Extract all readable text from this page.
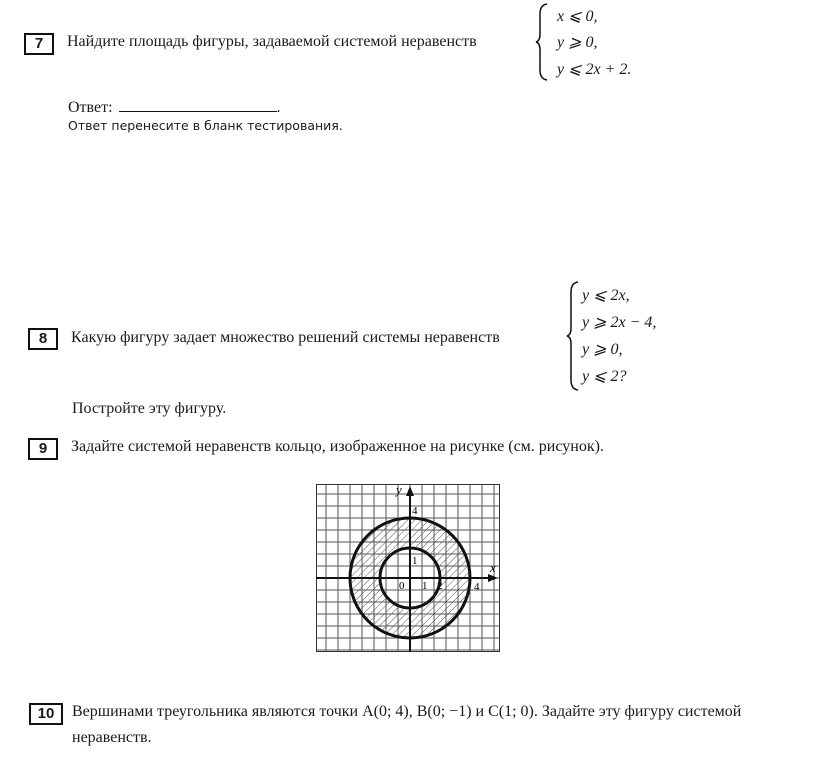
7	Найдите площадь фигуры, задаваемой системой неравенств
x ⩽ 0,
y ⩾ 0,
y ⩽ 2x + 2.
Ответ:	.
Ответ перенесите в бланк тестирования.
8	Какую фигуру задает множество решений системы неравенств
y ⩽ 2x,
y ⩾ 2x − 4,
y ⩾ 0,
y ⩽ 2?
Постройте эту фигуру.
9	Задайте системой неравенств кольцо, изображенное на рисунке (см. рисунок).
x
y
0 1 2	4
1
4
10	Вершинами треугольника являются точки A(0; 4), B(0; −1) и C(1; 0). Задайте эту фигуру системой неравенств.
